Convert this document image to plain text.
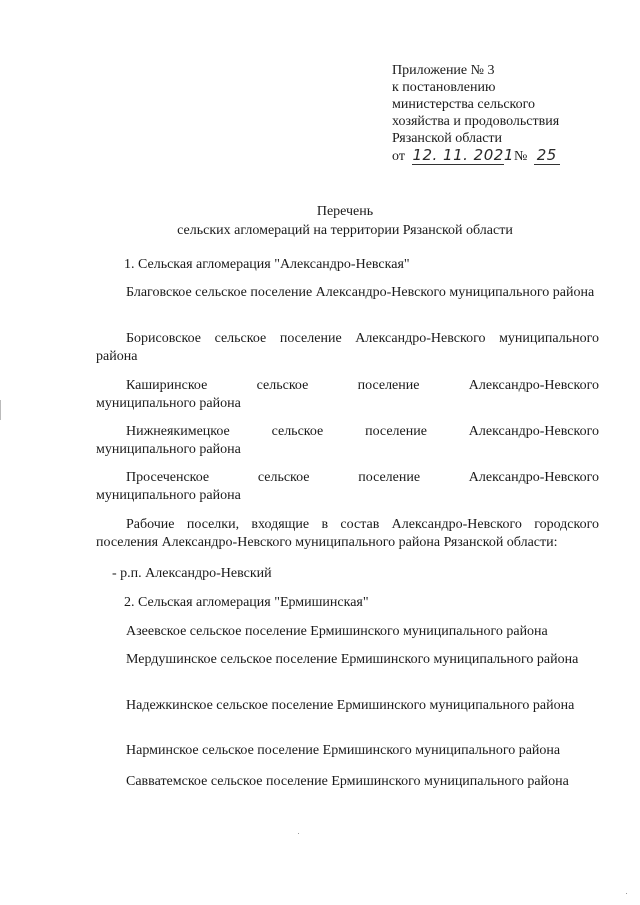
Приложение № 3
к постановлению
министерства сельского
хозяйства и продовольствия
Рязанской области
от 12. 11. 2021 № 25
Перечень
сельских агломераций на территории Рязанской области
1. Сельская агломерация "Александро-Невская"
Благовское сельское поселение Александро-Невского муниципального района
Борисовское сельское поселение Александро-Невского муниципального района
Каширинское	сельское	поселение	Александро-Невского
муниципального района
Нижнеякимецкое	сельское	поселение	Александро-Невского
муниципального района
Просеченское	сельское	поселение	Александро-Невского
муниципального района
Рабочие поселки, входящие в состав Александро-Невского городского поселения Александро-Невского муниципального района Рязанской области:
- р.п. Александро-Невский
2. Сельская агломерация "Ермишинская"
Азеевское сельское поселение Ермишинского муниципального района
Мердушинское сельское поселение Ермишинского муниципального района
Надежкинское сельское поселение Ермишинского муниципального района
Нарминское сельское поселение Ермишинского муниципального района
Савватемское сельское поселение Ермишинского муниципального района
